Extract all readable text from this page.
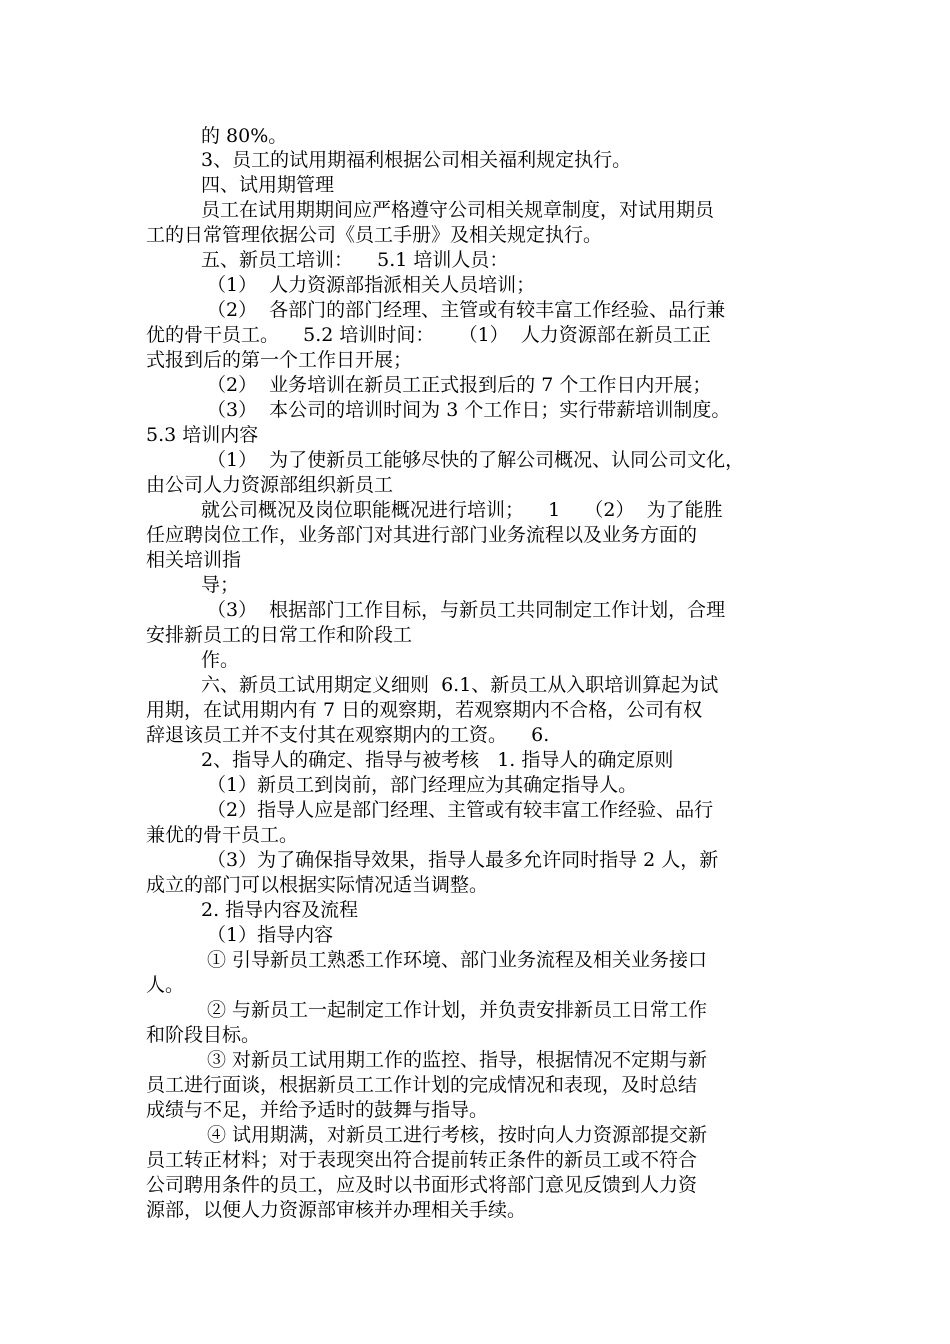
的 80%。
3、员工的试用期福利根据公司相关福利规定执行。
四、试用期管理
员工在试用期期间应严格遵守公司相关规章制度，对试用期员
工的日常管理依据公司《员工手册》及相关规定执行。
五、新员工培训：    5.1 培训人员：
（1）  人力资源部指派相关人员培训；
（2）  各部门的部门经理、主管或有较丰富工作经验、品行兼
优的骨干员工。    5.2 培训时间：    （1）  人力资源部在新员工正
式报到后的第一个工作日开展；
（2）  业务培训在新员工正式报到后的 7 个工作日内开展；
（3）  本公司的培训时间为 3 个工作日；实行带薪培训制度。
5.3 培训内容
（1）  为了使新员工能够尽快的了解公司概况、认同公司文化，
由公司人力资源部组织新员工
就公司概况及岗位职能概况进行培训；    1    （2）  为了能胜
任应聘岗位工作，业务部门对其进行部门业务流程以及业务方面的
相关培训指
导；
（3）  根据部门工作目标，与新员工共同制定工作计划，合理
安排新员工的日常工作和阶段工
作。
六、新员工试用期定义细则  6.1、新员工从入职培训算起为试
用期，在试用期内有 7 日的观察期，若观察期内不合格，公司有权
辞退该员工并不支付其在观察期内的工资。    6.
2、指导人的确定、指导与被考核   1. 指导人的确定原则
（1）新员工到岗前，部门经理应为其确定指导人。
（2）指导人应是部门经理、主管或有较丰富工作经验、品行
兼优的骨干员工。
（3）为了确保指导效果，指导人最多允许同时指导 2 人，新
成立的部门可以根据实际情况适当调整。
2. 指导内容及流程
（1）指导内容
① 引导新员工熟悉工作环境、部门业务流程及相关业务接口
人。
② 与新员工一起制定工作计划，并负责安排新员工日常工作
和阶段目标。
③ 对新员工试用期工作的监控、指导，根据情况不定期与新
员工进行面谈，根据新员工工作计划的完成情况和表现，及时总结
成绩与不足，并给予适时的鼓舞与指导。
④ 试用期满，对新员工进行考核，按时向人力资源部提交新
员工转正材料；对于表现突出符合提前转正条件的新员工或不符合
公司聘用条件的员工，应及时以书面形式将部门意见反馈到人力资
源部，以便人力资源部审核并办理相关手续。
